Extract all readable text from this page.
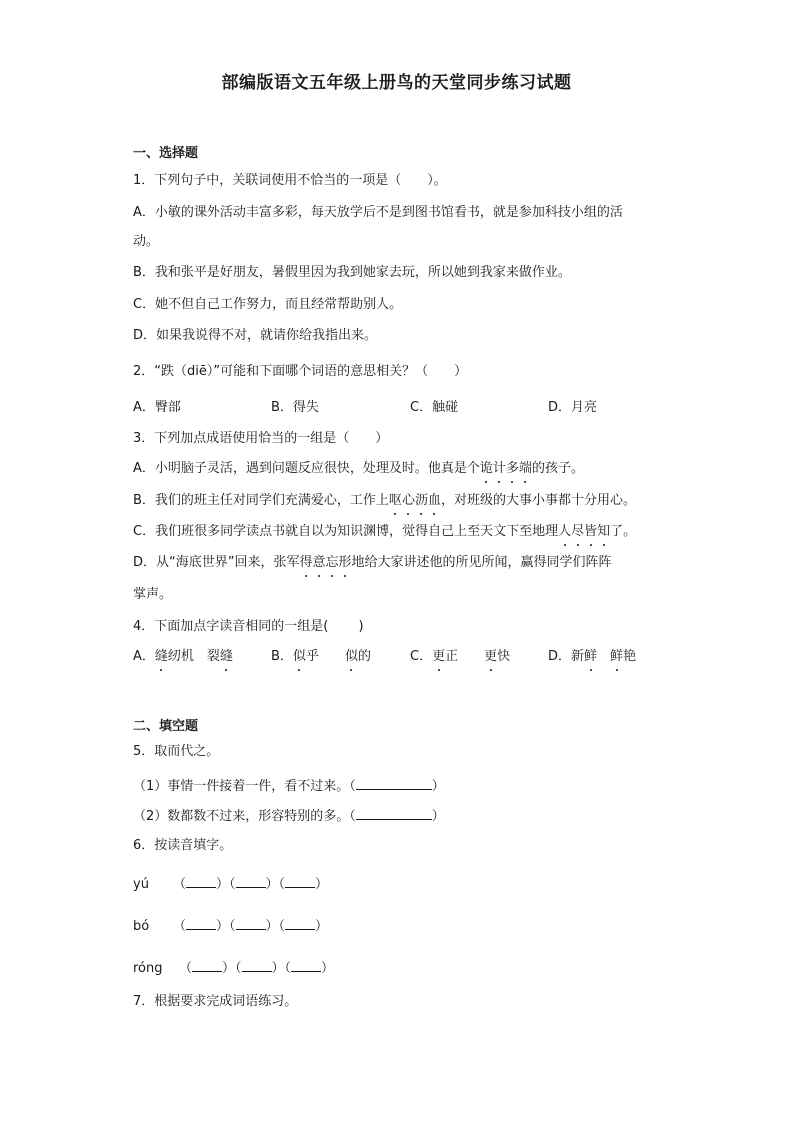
部编版语文五年级上册鸟的天堂同步练习试题
一、选择题
1．下列句子中，关联词使用不恰当的一项是（　　）。
A．小敏的课外活动丰富多彩，每天放学后不是到图书馆看书，就是参加科技小组的活
动。
B．我和张平是好朋友，暑假里因为我到她家去玩，所以她到我家来做作业。
C．她不但自己工作努力，而且经常帮助别人。
D．如果我说得不对，就请你给我指出来。
2．“跌（diē）”可能和下面哪个词语的意思相关？（　　）
A．臀部	B．得失	C．触碰	D．月亮
3．下列加点成语使用恰当的一组是（　　）
A．小明脑子灵活，遇到问题反应很快，处理及时。他真是个诡计多端的孩子。
B．我们的班主任对同学们充满爱心，工作上呕心沥血，对班级的大事小事都十分用心。
C．我们班很多同学读点书就自以为知识渊博，觉得自己上至天文下至地理人尽皆知了。
D．从“海底世界”回来，张军得意忘形地给大家讲述他的所见所闻，赢得同学们阵阵
掌声。
4．下面加点字读音相同的一组是(　　 )
A．缝纫机　裂缝	B．似乎　　似的	C．更正　　更快	D．新鲜　 鲜艳
二、填空题
5．取而代之。
（1）事情一件接着一件，看不过来。（	）
（2）数都数不过来，形容特别的多。（	）
6．按读音填字。
yú （ ）（ ）（ ）
bó （ ）（ ）（ ）
róng （ ）（ ）（ ）
7．根据要求完成词语练习。
